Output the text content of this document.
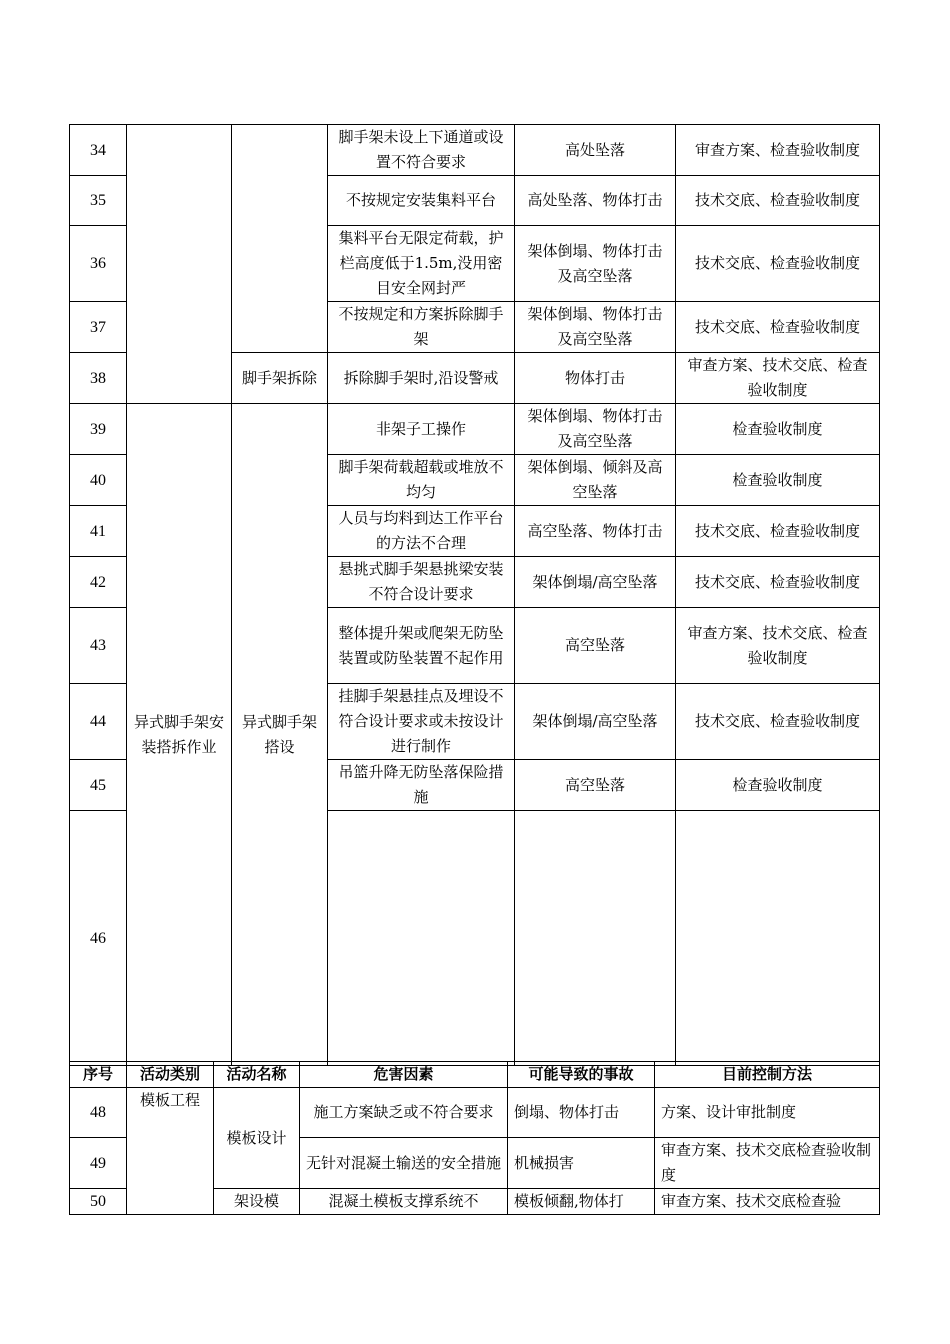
34			脚手架未设上下通道或设置不符合要求	高处坠落	审查方案、检查验收制度
35			不按规定安装集料平台	高处坠落、物体打击	技术交底、检查验收制度
36			集料平台无限定荷载，护栏高度低于1.5m,没用密目安全网封严	架体倒塌、物体打击及高空坠落	技术交底、检查验收制度
37			不按规定和方案拆除脚手架	架体倒塌、物体打击及高空坠落	技术交底、检查验收制度
38		脚手架拆除	拆除脚手架时,沿设警戒	物体打击	审查方案、技术交底、检查验收制度
39	异式脚手架安装搭拆作业	异式脚手架搭设	非架子工操作	架体倒塌、物体打击及高空坠落	检查验收制度
40			脚手架荷载超载或堆放不均匀	架体倒塌、倾斜及高空坠落	检查验收制度
41			人员与均料到达工作平台的方法不合理	高空坠落、物体打击	技术交底、检查验收制度
42			悬挑式脚手架悬挑梁安装不符合设计要求	架体倒塌/高空坠落	技术交底、检查验收制度
43			整体提升架或爬架无防坠装置或防坠装置不起作用	高空坠落	审查方案、技术交底、检查验收制度
44			挂脚手架悬挂点及埋设不符合设计要求或未按设计进行制作	架体倒塌/高空坠落	技术交底、检查验收制度
45			吊篮升降无防坠落保险措施	高空坠落	检查验收制度
46					
序号	活动类别	活动名称	危害因素	可能导致的事故	目前控制方法
48	模板工程	模板设计	施工方案缺乏或不符合要求	倒塌、物体打击	方案、设计审批制度
49			无针对混凝土输送的安全措施	机械损害	审查方案、技术交底检查验收制度
50		架设模	混凝土模板支撑系统不	模板倾翻,物体打	审查方案、技术交底检查验
